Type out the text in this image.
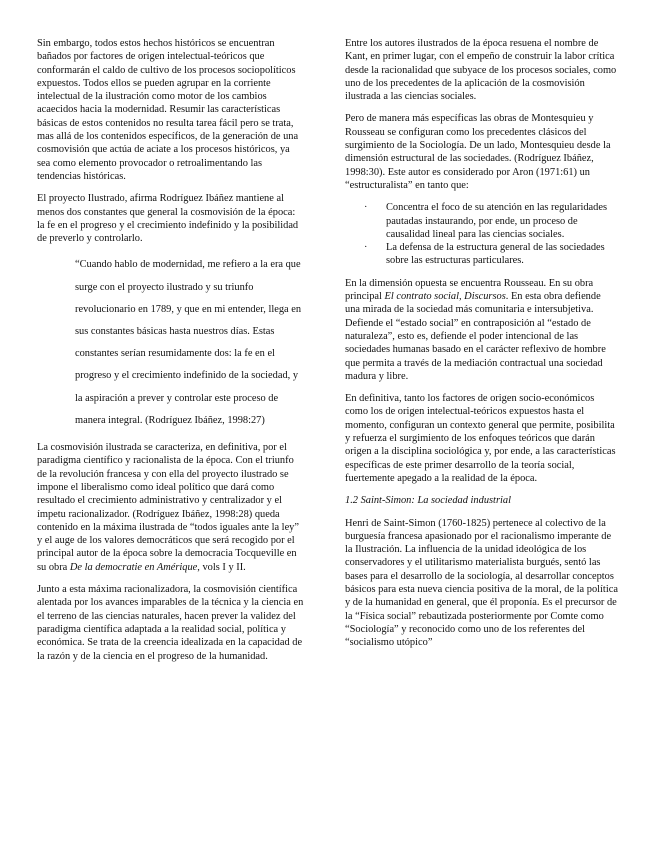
Sin embargo, todos estos hechos históricos se encuentran bañados por factores de origen intelectual-teóricos que conformarán el caldo de cultivo de los procesos sociopolíticos expuestos. Todos ellos se pueden agrupar en la corriente intelectual de la ilustración como motor de los cambios acaecidos hacia la modernidad. Resumir las características básicas de estos contenidos no resulta tarea fácil pero se trata, mas allá de los contenidos específicos, de la generación de una cosmovisión que actúa de aciate a los procesos históricos, ya sea como elemento provocador o retroalimentando las tendencias históricas.

El proyecto Ilustrado, afirma Rodríguez Ibáñez mantiene al menos dos constantes que general la cosmovisión de la época: la fe en el progreso y el crecimiento indefinido y la posibilidad de preverlo y controlarlo.

“Cuando hablo de modernidad, me refiero a la era que surge con el proyecto ilustrado y su triunfo revolucionario en 1789, y que en mi entender, llega en sus constantes básicas hasta nuestros días. Estas constantes serían resumidamente dos: la fe en el progreso y el crecimiento indefinido de la sociedad, y la aspiración a prever y controlar este proceso de manera integral. (Rodríguez Ibáñez, 1998:27)

La cosmovisión ilustrada se caracteriza, en definitiva, por el paradigma científico y racionalista de la época. Con el triunfo de la revolución francesa y con ella del proyecto ilustrado se impone el liberalismo como ideal político que dará como resultado el crecimiento administrativo y centralizador y el ímpetu racionalizador. (Rodríguez Ibáñez, 1998:28) queda contenido en la máxima ilustrada de “todos iguales ante la ley” y el auge de los valores democráticos que será recogido por el principal autor de la época sobre la democracia Tocqueville en su obra De la democratie en Amérique, vols I y II.

Junto a esta máxima racionalizadora, la cosmovisión científica alentada por los avances imparables de la técnica y la ciencia en el terreno de las ciencias naturales, hacen prever la validez del paradigma científica adaptada a la realidad social, política y económica. Se trata de la creencia idealizada en la capacidad de la razón y de la ciencia en el progreso de la humanidad.

Entre los autores ilustrados de la época resuena el nombre de Kant, en primer lugar, con el empeño de construir la labor crítica desde la racionalidad que subyace de los procesos sociales, como uno de los precedentes de la aplicación de la cosmovisión ilustrada a las ciencias sociales.

Pero de manera más específicas las obras de Montesquieu y Rousseau se configuran como los precedentes clásicos del surgimiento de la Sociología. De un lado, Montesquieu desde la dimensión estructural de las sociedades. (Rodríguez Ibáñez, 1998:30). Este autor es considerado por Aron (1971:61) un “estructuralista” en tanto que:

· Concentra el foco de su atención en las regularidades pautadas instaurando, por ende, un proceso de causalidad lineal para las ciencias sociales.
· La defensa de la estructura general de las sociedades sobre las estructuras particulares.

En la dimensión opuesta se encuentra Rousseau. En su obra principal El contrato social, Discursos. En esta obra defiende una mirada de la sociedad más comunitaria e intersubjetiva. Defiende el “estado social” en contraposición al “estado de naturaleza”, esto es, defiende el poder intencional de las sociedades humanas basado en el carácter reflexivo de hombre que permita a través de la mediación contractual una sociedad madura y libre.

En definitiva, tanto los factores de origen socio-económicos como los de origen intelectual-teóricos expuestos hasta el momento, configuran un contexto general que permite, posibilita y refuerza el surgimiento de los enfoques teóricos que darán origen a la disciplina sociológica y, por ende, a las características específicas de este primer desarrollo de la teoría social, fuertemente apegado a la realidad de la época.

1.2 Saint-Simon: La sociedad industrial

Henri de Saint-Simon (1760-1825) pertenece al colectivo de la burguesía francesa apasionado por el racionalismo imperante de la Ilustración. La influencia de la unidad ideológica de los conservadores y el utilitarismo materialista burgués, sentó las bases para el desarrollo de la sociología, al desarrollar conceptos básicos para esta nueva ciencia positiva de la moral, de la política y de la humanidad en general, que él proponía. Es el precursor de la “Física social” rebautizada posteriormente por Comte como “Sociología” y reconocido como uno de los referentes del “socialismo utópico”
